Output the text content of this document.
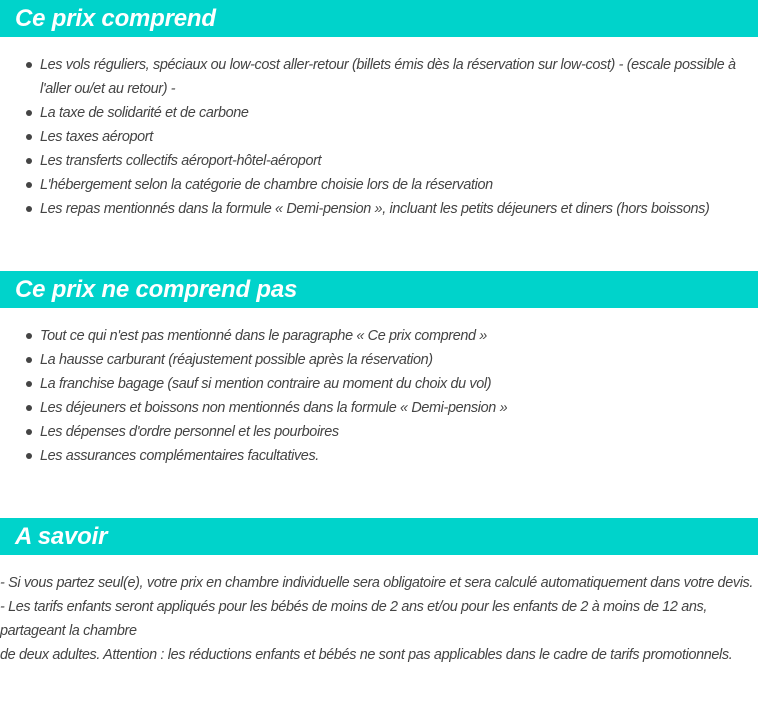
Ce prix comprend
Les vols réguliers, spéciaux ou low-cost aller-retour (billets émis dès la réservation sur low-cost) - (escale possible à l'aller ou/et au retour) -
La taxe de solidarité et de carbone
Les taxes aéroport
Les transferts collectifs aéroport-hôtel-aéroport
L'hébergement selon la catégorie de chambre choisie lors de la réservation
Les repas mentionnés dans la formule « Demi-pension », incluant les petits déjeuners et diners (hors boissons)
Ce prix ne comprend pas
Tout ce qui n'est pas mentionné dans le paragraphe « Ce prix comprend »
La hausse carburant (réajustement possible après la réservation)
La franchise bagage (sauf si mention contraire au moment du choix du vol)
Les déjeuners et boissons non mentionnés dans la formule « Demi-pension »
Les dépenses d'ordre personnel et les pourboires
Les assurances complémentaires facultatives.
A savoir

- Si vous partez seul(e), votre prix en chambre individuelle sera obligatoire et sera calculé automatiquement dans votre devis.

- Les tarifs enfants seront appliqués pour les bébés de moins de 2 ans et/ou pour les enfants de 2 à moins de 12 ans, partageant la chambre

de deux adultes. Attention : les réductions enfants et bébés ne sont pas applicables dans le cadre de tarifs promotionnels.
